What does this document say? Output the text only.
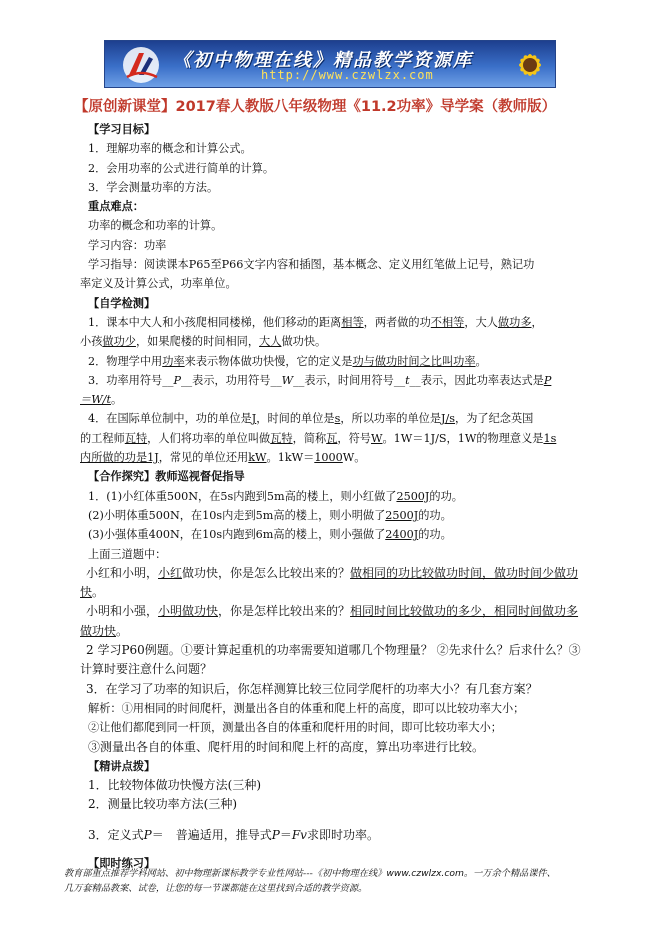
《初中物理在线》精品教学资源库
http://www.czwlzx.com
【原创新课堂】2017春人教版八年级物理《11.2功率》导学案（教师版）

【学习目标】

1．理解功率的概念和计算公式。

2．会用功率的公式进行简单的计算。

3．学会测量功率的方法。

重点难点：

功率的概念和功率的计算。

学习内容：功率

学习指导：阅读课本P65至P66文字内容和插图，基本概念、定义用红笔做上记号，熟记功

率定义及计算公式，功率单位。

【自学检测】

1．课本中大人和小孩爬相同楼梯，他们移动的距离相等，两者做的功不相等，大人做功多，

小孩做功少，如果爬楼的时间相同，大人做功快。

2．物理学中用功率来表示物体做功快慢，它的定义是功与做功时间之比叫功率。

3．功率用符号__P__表示，功用符号__W__表示，时间用符号__t__表示，因此功率表达式是P

＝W/t。

4．在国际单位制中，功的单位是J，时间的单位是s，所以功率的单位是J/s，为了纪念英国

的工程师瓦特，人们将功率的单位叫做瓦特，简称瓦，符号W。1W＝1J/S，1W的物理意义是1s

内所做的功是1J，常见的单位还用kW。1kW＝1000W。

【合作探究】教师巡视督促指导

1．(1)小红体重500N，在5s内跑到5m高的楼上，则小红做了2500J的功。

(2)小明体重500N，在10s内走到5m高的楼上，则小明做了2500J的功。

(3)小强体重400N，在10s内跑到6m高的楼上，则小强做了2400J的功。

上面三道题中：

小红和小明，小红做功快，你是怎么比较出来的？做相同的功比较做功时间，做功时间少做功

快。

小明和小强，小明做功快，你是怎样比较出来的？相同时间比较做功的多少，相同时间做功多

做功快。

2 学习P60例题。①要计算起重机的功率需要知道哪几个物理量？ ②先求什么？后求什么？③

计算时要注意什么问题？

3．在学习了功率的知识后，你怎样测算比较三位同学爬杆的功率大小？有几套方案？

解析：①用相同的时间爬杆，测量出各自的体重和爬上杆的高度，即可以比较功率大小；

②让他们都爬到同一杆顶，测量出各自的体重和爬杆用的时间，即可比较功率大小；

③测量出各自的体重、爬杆用的时间和爬上杆的高度，算出功率进行比较。

【精讲点拨】

1．比较物体做功快慢方法(三种)

2．测量比较功率方法(三种)

3．定义式P＝　普遍适用，推导式P＝Fv求即时功率。

【即时练习】

教育部重点推荐学科网站、初中物理新课标教学专业性网站---《初中物理在线》www.czwlzx.com。一万余个精品课件、

几万套精品教案、试卷，让您的每一节课都能在这里找到合适的教学资源。
